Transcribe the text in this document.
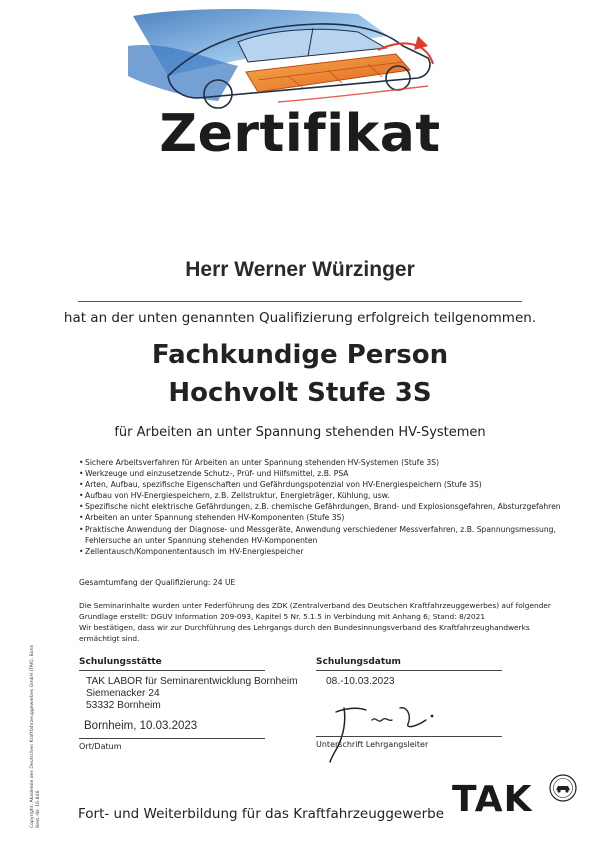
Zertifikat
Herr Werner Würzinger
hat an der unten genannten Qualifizierung erfolgreich teilgenommen.
Fachkundige Person
Hochvolt Stufe 3S
für Arbeiten an unter Spannung stehenden HV-Systemen
• Sichere Arbeitsverfahren für Arbeiten an unter Spannung stehenden HV-Systemen (Stufe 3S)
• Werkzeuge und einzusetzende Schutz-, Prüf- und Hilfsmittel, z.B. PSA
• Arten, Aufbau, spezifische Eigenschaften und Gefährdungspotenzial von HV-Energiespeichern (Stufe 3S)
• Aufbau von HV-Energiespeichern, z.B. Zellstruktur, Energieträger, Kühlung, usw.
• Spezifische nicht elektrische Gefährdungen, z.B. chemische Gefährdungen, Brand- und Explosionsgefahren, Absturzgefahren
• Arbeiten an unter Spannung stehenden HV-Komponenten (Stufe 3S)
• Praktische Anwendung der Diagnose- und Messgeräte, Anwendung verschiedener Messverfahren, z.B. Spannungsmessung, Fehlersuche an unter Spannung stehenden HV-Komponenten
• Zellentausch/Komponententausch im HV-Energiespeicher
Gesamtumfang der Qualifizierung: 24 UE

Die Seminarinhalte wurden unter Federführung des ZDK (Zentralverband des Deutschen Kraftfahrzeuggewerbes) auf folgender Grundlage erstellt: DGUV Information 209-093, Kapitel 5 Nr. 5.1.5 in Verbindung mit Anhang 6; Stand: 8/2021

Wir bestätigen, dass wir zur Durchführung des Lehrgangs durch den Bundesinnungsverband des Kraftfahrzeughandwerks ermächtigt sind.

Schulungsstätte	Schulungsdatum
TAK LABOR für Seminarentwicklung Bornheim
Siemenacker 24
53332 Bornheim
08.-10.03.2023
Bornheim, 10.03.2023
Ort/Datum	Unterschrift Lehrgangsleiter
Copyright: Akademie des Deutschen Kraftfahrzeuggewerbes GmbH (TAK), Bonn Best.-Nr. 16-846	Fort- und Weiterbildung für das Kraftfahrzeuggewerbe TAK
